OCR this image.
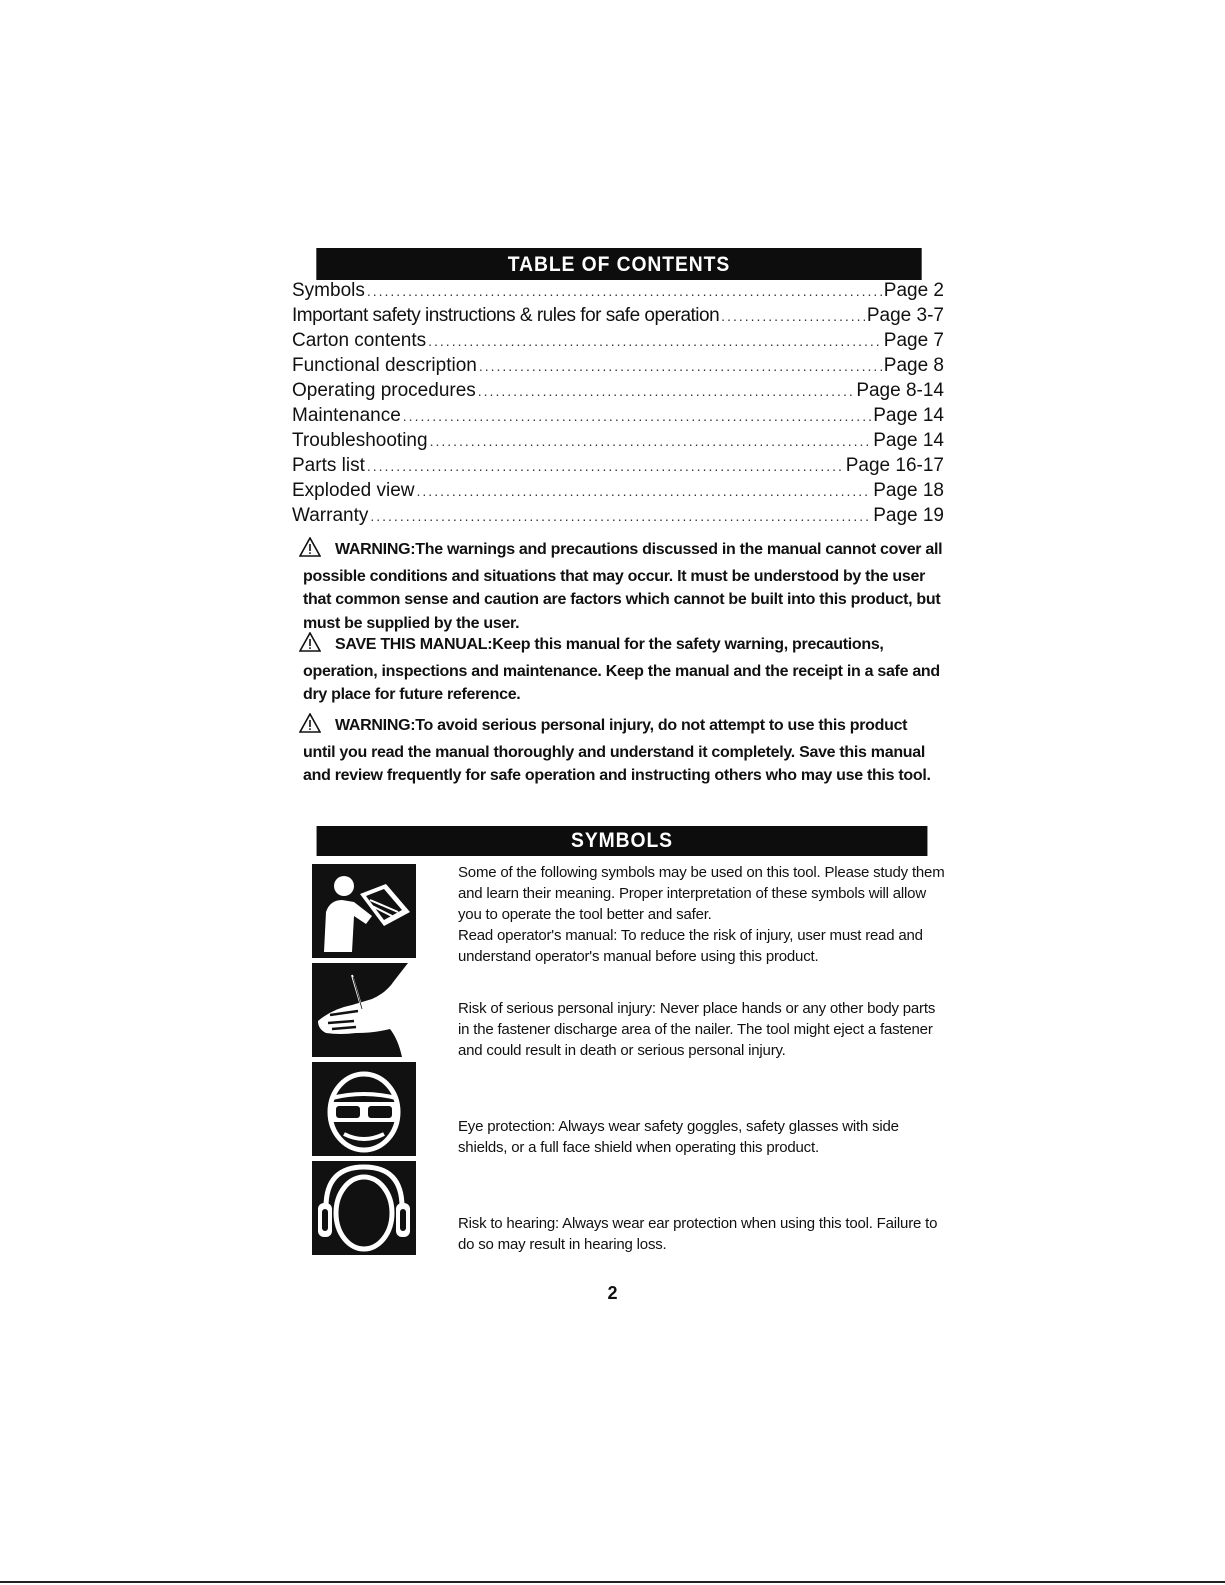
TABLE OF CONTENTS
Symbols .....	Page 2
Important safety instructions & rules for safe operation .....	Page 3-7
Carton contents .....	Page 7
Functional description .....	Page 8
Operating procedures .....	Page 8-14
Maintenance .....	Page 14
Troubleshooting .....	Page 14
Parts list .....	Page 16-17
Exploded view .....	Page 18
Warranty .....	Page 19
WARNING:The warnings and precautions discussed in the manual cannot cover all possible conditions and situations that may occur. It must be understood by the user that common sense and caution are factors which cannot be built into this product, but must be supplied by the user.
SAVE THIS MANUAL:Keep this manual for the safety warning, precautions, operation, inspections and maintenance. Keep the manual and the receipt in a safe and dry place for future reference.
WARNING:To avoid serious personal injury, do not attempt to use this product until you read the manual thoroughly and understand it completely. Save this manual and review frequently for safe operation and instructing others who may use this tool.
SYMBOLS
Some of the following symbols may be used on this tool. Please study them and learn their meaning. Proper interpretation of these symbols will allow you to operate the tool better and safer.
Read operator's manual: To reduce the risk of injury, user must read and understand operator's manual before using this product.
Risk of serious personal injury: Never place hands or any other body parts in the fastener discharge area of the nailer. The tool might eject a fastener and could result in death or serious personal injury.
Eye protection: Always wear safety goggles, safety glasses with side shields, or a full face shield when operating this product.
Risk to hearing: Always wear ear protection when using this tool. Failure to do so may result in hearing loss.
2
